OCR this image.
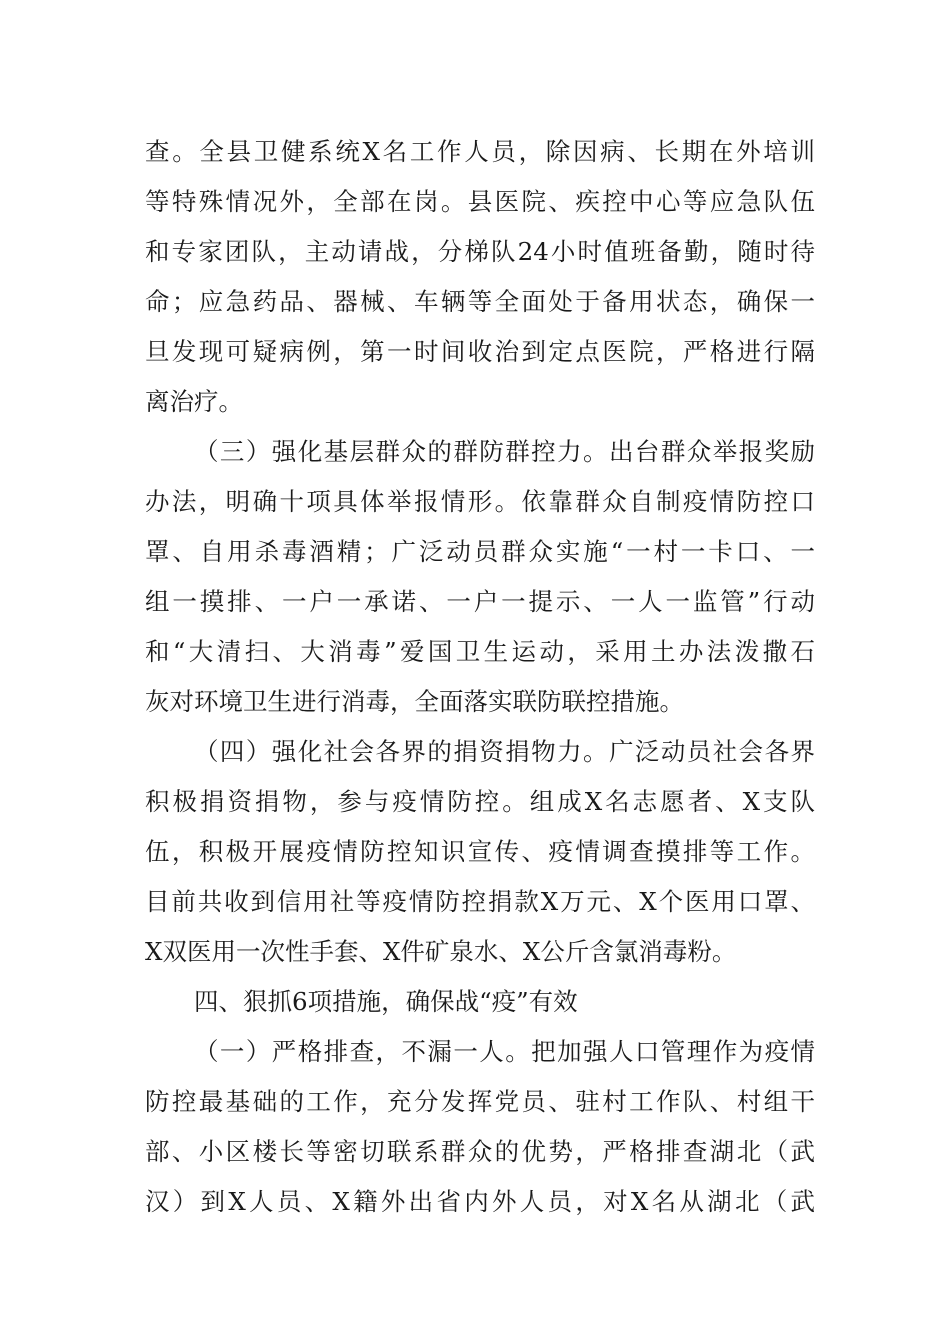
查。全县卫健系统X名工作人员，除因病、长期在外培训
等特殊情况外，全部在岗。县医院、疾控中心等应急队伍
和专家团队，主动请战，分梯队24小时值班备勤，随时待
命；应急药品、器械、车辆等全面处于备用状态，确保一
旦发现可疑病例，第一时间收治到定点医院，严格进行隔
离治疗。
（三）强化基层群众的群防群控力。出台群众举报奖励
办法，明确十项具体举报情形。依靠群众自制疫情防控口
罩、自用杀毒酒精；广泛动员群众实施“一村一卡口、一
组一摸排、一户一承诺、一户一提示、一人一监管”行动
和“大清扫、大消毒”爱国卫生运动，采用土办法泼撒石
灰对环境卫生进行消毒，全面落实联防联控措施。
（四）强化社会各界的捐资捐物力。广泛动员社会各界
积极捐资捐物，参与疫情防控。组成X名志愿者、X支队
伍，积极开展疫情防控知识宣传、疫情调查摸排等工作。
目前共收到信用社等疫情防控捐款X万元、X个医用口罩、
X双医用一次性手套、X件矿泉水、X公斤含氯消毒粉。
四、狠抓6项措施，确保战“疫”有效
（一）严格排查，不漏一人。把加强人口管理作为疫情
防控最基础的工作，充分发挥党员、驻村工作队、村组干
部、小区楼长等密切联系群众的优势，严格排查湖北（武
汉）到X人员、X籍外出省内外人员，对X名从湖北（武
